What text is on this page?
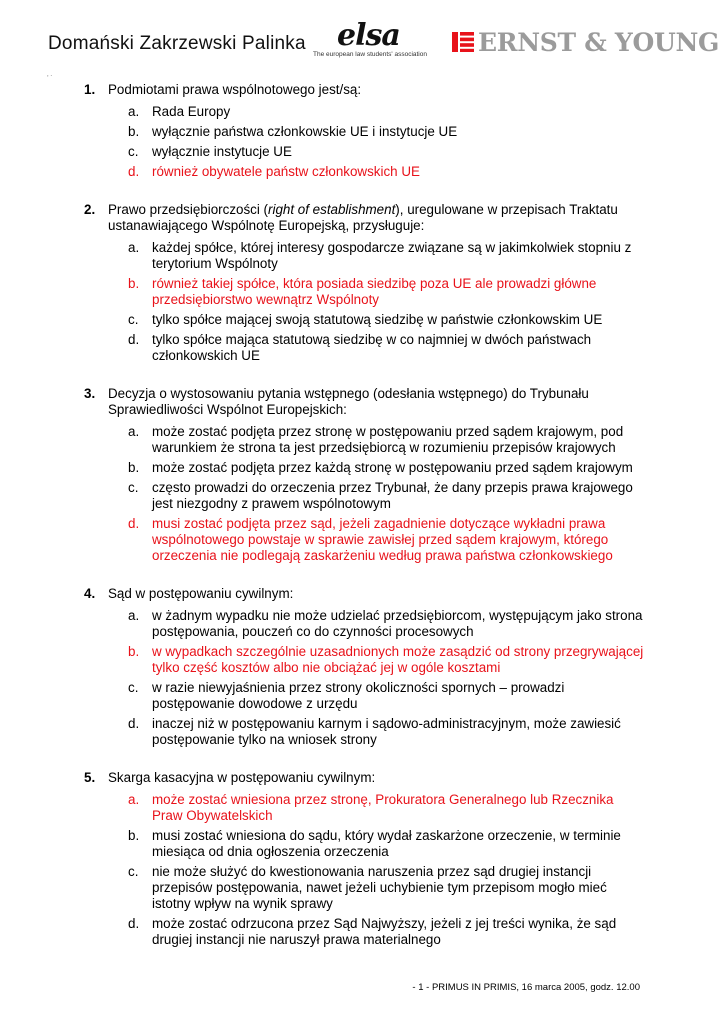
Domański Zakrzewski Palinka elsa
The european law students' association ERNST & YOUNG
, .
1. Podmiotami prawa wspólnotowego jest/są:
a. Rada Europy
b. wyłącznie państwa członkowskie UE i instytucje UE
c. wyłącznie instytucje UE
d. również obywatele państw członkowskich UE
2. Prawo przedsiębiorczości (right of establishment), uregulowane w przepisach Traktatu ustanawiającego Wspólnotę Europejską, przysługuje:
a. każdej spółce, której interesy gospodarcze związane są w jakimkolwiek stopniu z terytorium Wspólnoty
b. również takiej spółce, która posiada siedzibę poza UE ale prowadzi główne przedsiębiorstwo wewnątrz Wspólnoty
c. tylko spółce mającej swoją statutową siedzibę w państwie członkowskim UE
d. tylko spółce mająca statutową siedzibę w co najmniej w dwóch państwach członkowskich UE
3. Decyzja o wystosowaniu pytania wstępnego (odesłania wstępnego) do Trybunału Sprawiedliwości Wspólnot Europejskich:
a. może zostać podjęta przez stronę w postępowaniu przed sądem krajowym, pod warunkiem że strona ta jest przedsiębiorcą w rozumieniu przepisów krajowych
b. może zostać podjęta przez każdą stronę w postępowaniu przed sądem krajowym
c. często prowadzi do orzeczenia przez Trybunał, że dany przepis prawa krajowego jest niezgodny z prawem wspólnotowym
d. musi zostać podjęta przez sąd, jeżeli zagadnienie dotyczące wykładni prawa wspólnotowego powstaje w sprawie zawisłej przed sądem krajowym, którego orzeczenia nie podlegają zaskarżeniu według prawa państwa członkowskiego
4. Sąd w postępowaniu cywilnym:
a. w żadnym wypadku nie może udzielać przedsiębiorcom, występującym jako strona postępowania, pouczeń co do czynności procesowych
b. w wypadkach szczególnie uzasadnionych może zasądzić od strony przegrywającej tylko część kosztów albo nie obciążać jej w ogóle kosztami
c. w razie niewyjaśnienia przez strony okoliczności spornych – prowadzi postępowanie dowodowe z urzędu
d. inaczej niż w postępowaniu karnym i sądowo-administracyjnym, może zawiesić postępowanie tylko na wniosek strony
5. Skarga kasacyjna w postępowaniu cywilnym:
a. może zostać wniesiona przez stronę, Prokuratora Generalnego lub Rzecznika Praw Obywatelskich
b. musi zostać wniesiona do sądu, który wydał zaskarżone orzeczenie, w terminie miesiąca od dnia ogłoszenia orzeczenia
c. nie może służyć do kwestionowania naruszenia przez sąd drugiej instancji przepisów postępowania, nawet jeżeli uchybienie tym przepisom mogło mieć istotny wpływ na wynik sprawy
d. może zostać odrzucona przez Sąd Najwyższy, jeżeli z jej treści wynika, że sąd drugiej instancji nie naruszył prawa materialnego
- 1 - PRIMUS IN PRIMIS, 16 marca 2005, godz. 12.00
